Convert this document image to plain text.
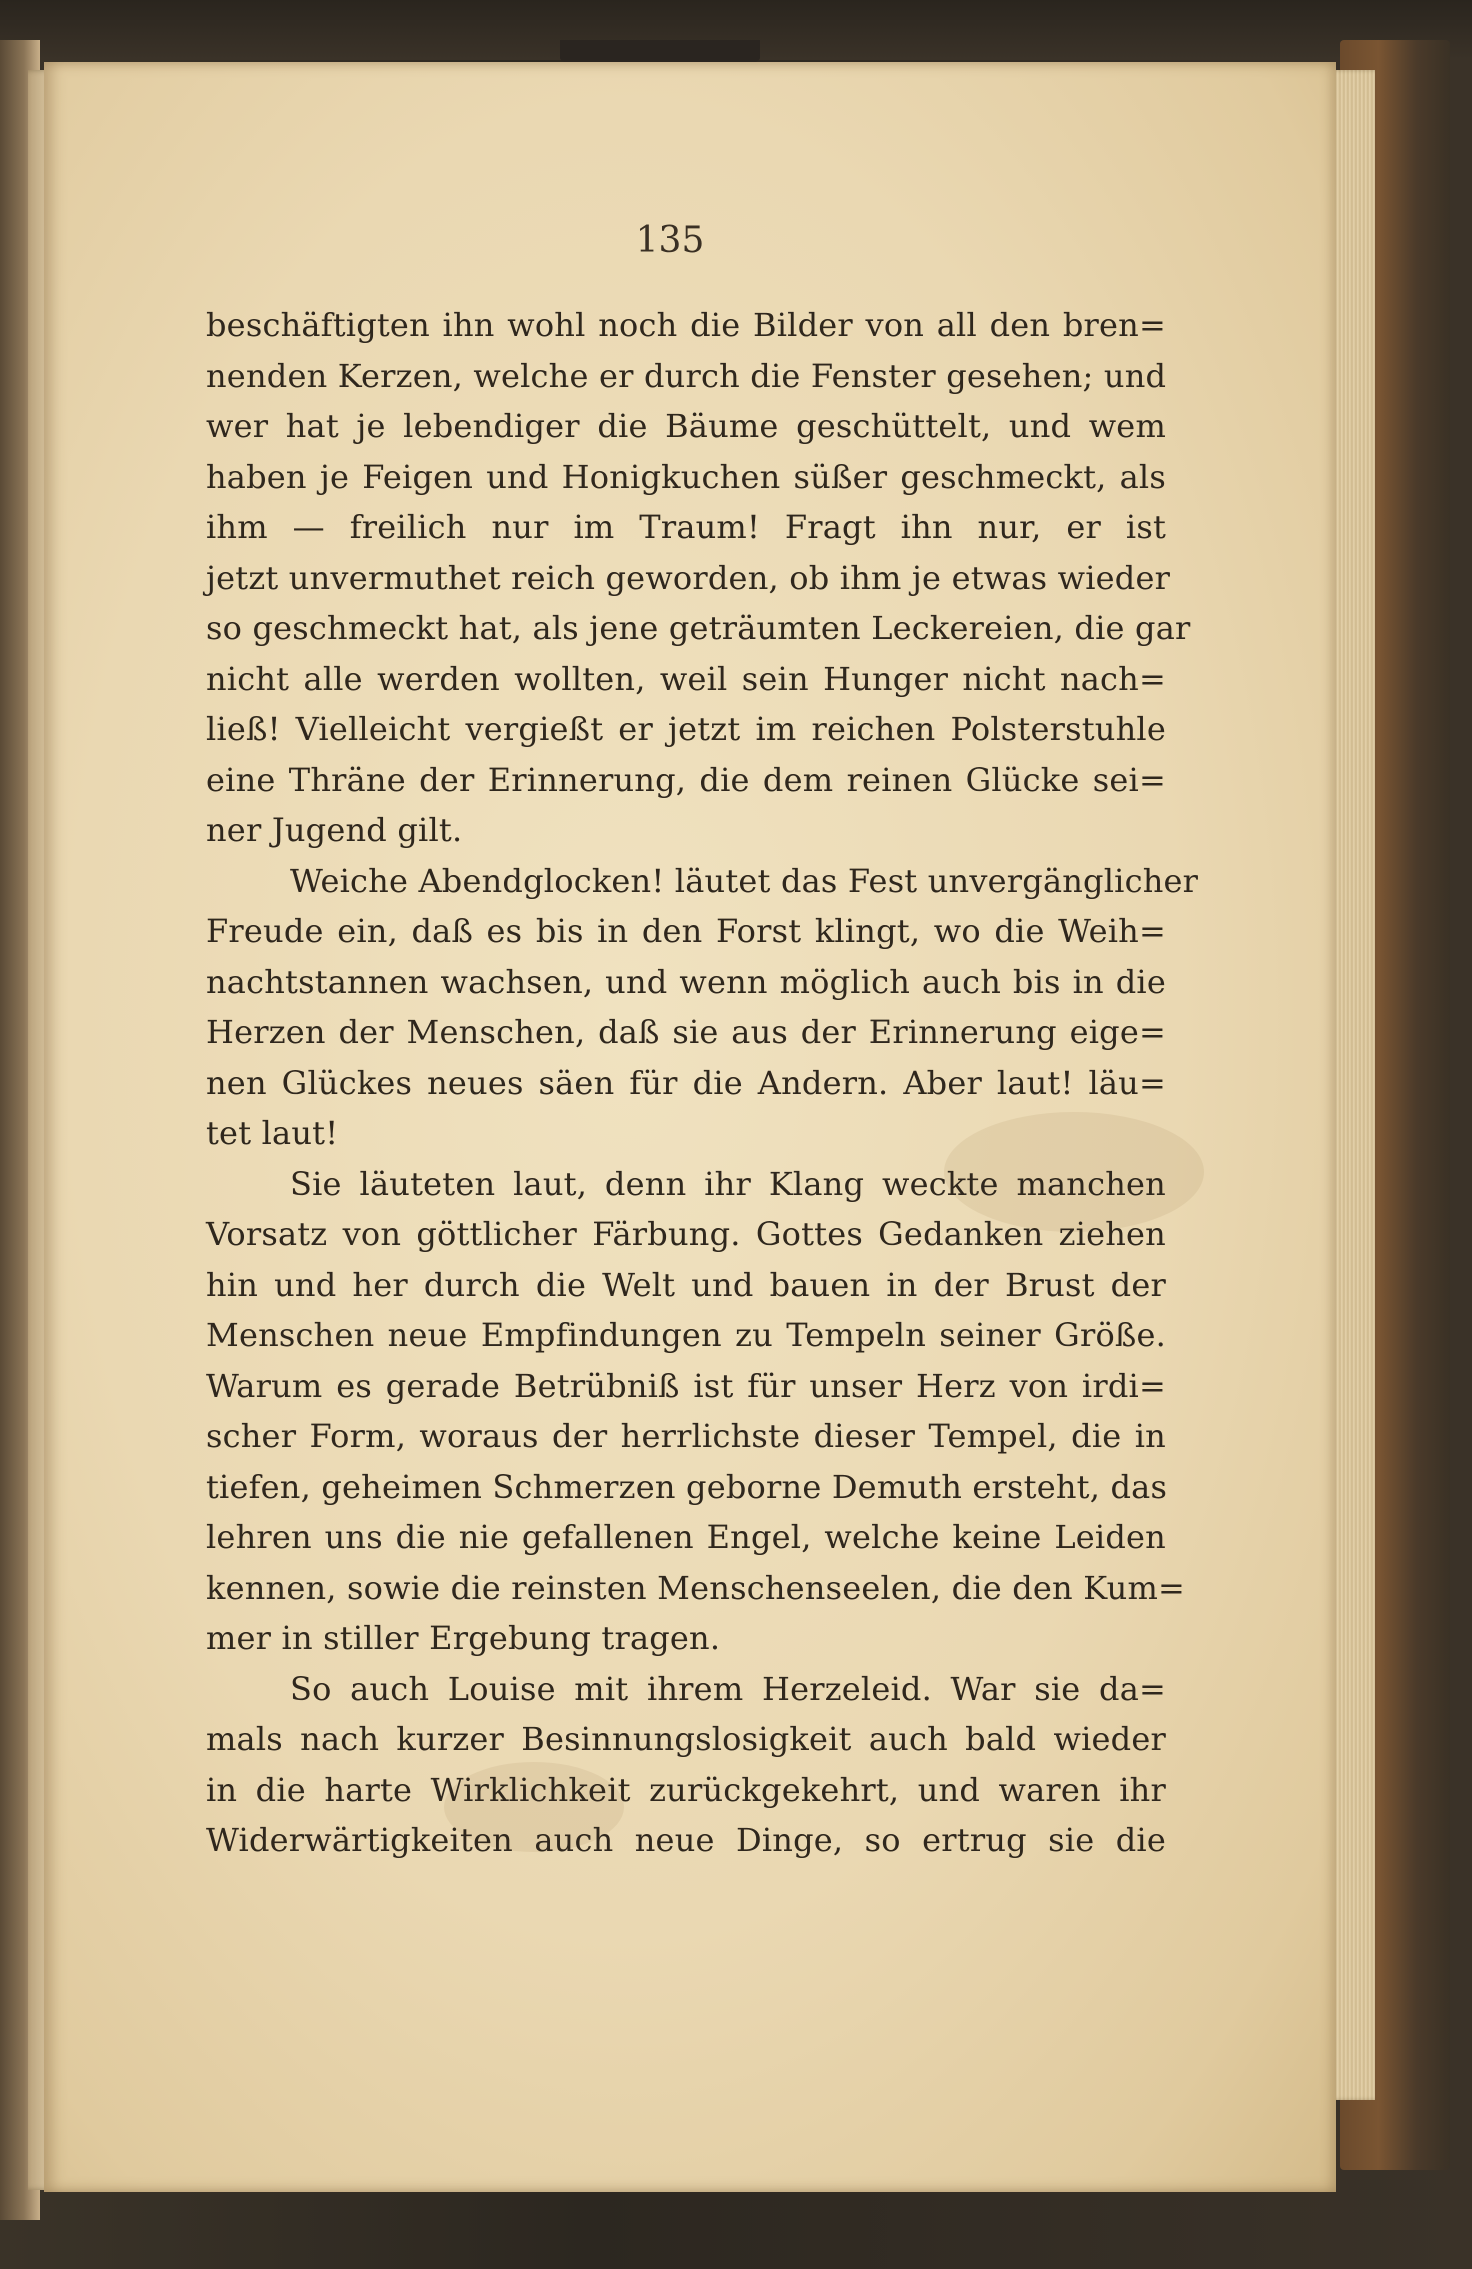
135
beschäftigten ihn wohl noch die Bilder von all den bren=
nenden Kerzen, welche er durch die Fenster gesehen; und
wer hat je lebendiger die Bäume geschüttelt, und wem
haben je Feigen und Honigkuchen süßer geschmeckt, als
ihm — freilich nur im Traum! Fragt ihn nur, er ist
jetzt unvermuthet reich geworden, ob ihm je etwas wieder
so geschmeckt hat, als jene geträumten Leckereien, die gar
nicht alle werden wollten, weil sein Hunger nicht nach=
ließ! Vielleicht vergießt er jetzt im reichen Polsterstuhle
eine Thräne der Erinnerung, die dem reinen Glücke sei=
ner Jugend gilt.
Weiche Abendglocken! läutet das Fest unvergänglicher
Freude ein, daß es bis in den Forst klingt, wo die Weih=
nachtstannen wachsen, und wenn möglich auch bis in die
Herzen der Menschen, daß sie aus der Erinnerung eige=
nen Glückes neues säen für die Andern. Aber laut! läu=
tet laut!
Sie läuteten laut, denn ihr Klang weckte manchen
Vorsatz von göttlicher Färbung. Gottes Gedanken ziehen
hin und her durch die Welt und bauen in der Brust der
Menschen neue Empfindungen zu Tempeln seiner Größe.
Warum es gerade Betrübniß ist für unser Herz von irdi=
scher Form, woraus der herrlichste dieser Tempel, die in
tiefen, geheimen Schmerzen geborne Demuth ersteht, das
lehren uns die nie gefallenen Engel, welche keine Leiden
kennen, sowie die reinsten Menschenseelen, die den Kum=
mer in stiller Ergebung tragen.
So auch Louise mit ihrem Herzeleid. War sie da=
mals nach kurzer Besinnungslosigkeit auch bald wieder
in die harte Wirklichkeit zurückgekehrt, und waren ihr
Widerwärtigkeiten auch neue Dinge, so ertrug sie die
